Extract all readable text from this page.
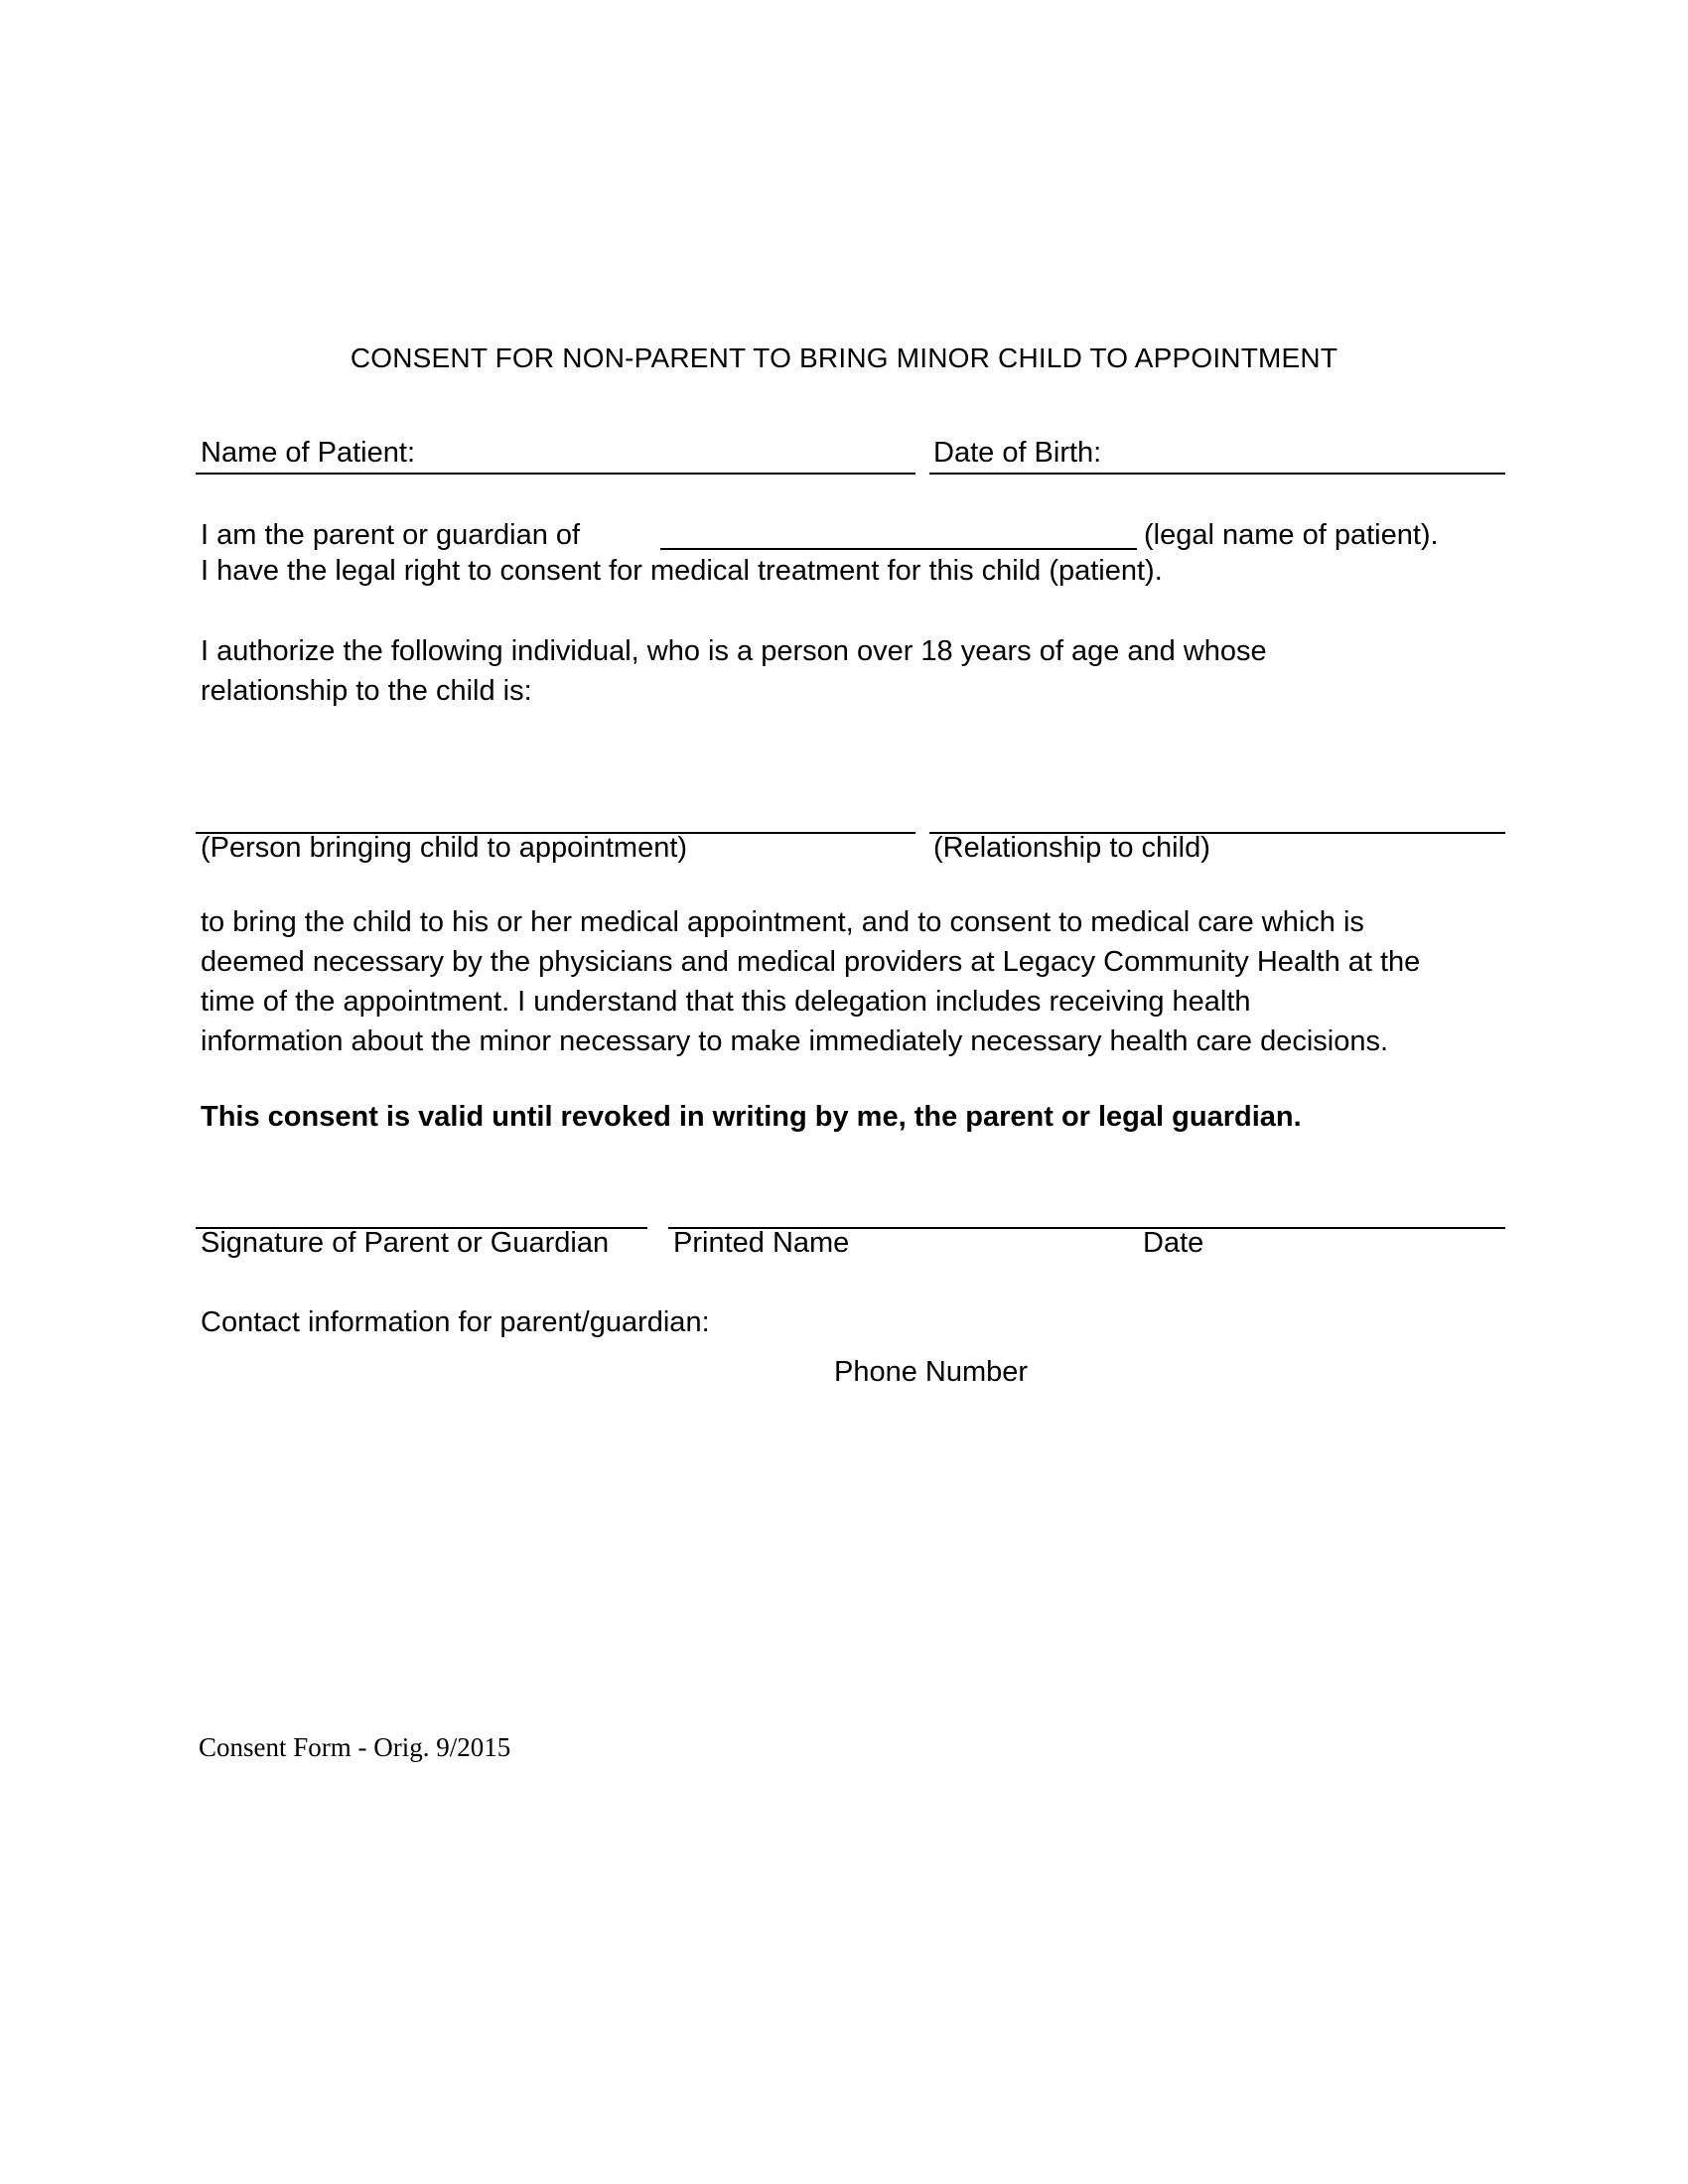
CONSENT FOR NON-PARENT TO BRING MINOR CHILD TO APPOINTMENT
Name of Patient:	Date of Birth:
I am the parent or guardian of	(legal name of patient).
I have the legal right to consent for medical treatment for this child (patient).
I authorize the following individual, who is a person over 18 years of age and whose
relationship to the child is:
(Person bringing child to appointment)	(Relationship to child)
to bring the child to his or her medical appointment, and to consent to medical care which is
deemed necessary by the physicians and medical providers at Legacy Community Health at the
time of the appointment. I understand that this delegation includes receiving health
information about the minor necessary to make immediately necessary health care decisions.
This consent is valid until revoked in writing by me, the parent or legal guardian.
Signature of Parent or Guardian Printed Name	Date
Contact information for parent/guardian:
Phone Number
Consent Form - Orig. 9/2015
